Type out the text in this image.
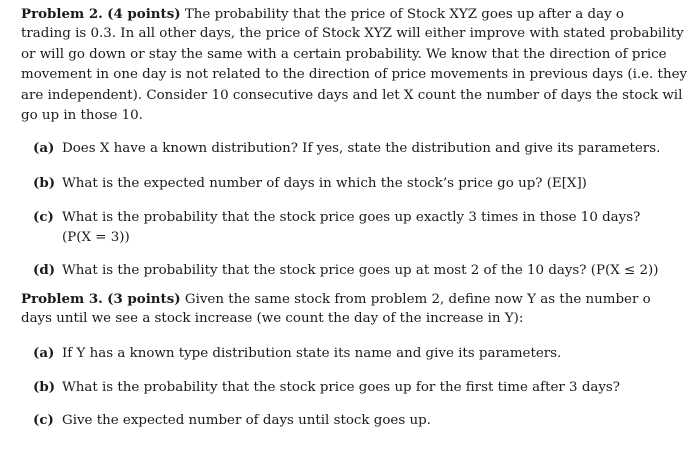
Problem 2. (4 points) The probability that the price of Stock XYZ goes up after a day o
trading is 0.3. In all other days, the price of Stock XYZ will either improve with stated probability
or will go down or stay the same with a certain probability. We know that the direction of price
movement in one day is not related to the direction of price movements in previous days (i.e. they
are independent). Consider 10 consecutive days and let X count the number of days the stock wil
go up in those 10.
(a) Does X have a known distribution? If yes, state the distribution and give its parameters.
(b) What is the expected number of days in which the stock’s price go up? (E[X])
(c) What is the probability that the stock price goes up exactly 3 times in those 10 days?
(P(X = 3))
(d) What is the probability that the stock price goes up at most 2 of the 10 days? (P(X ≤ 2))
Problem 3. (3 points) Given the same stock from problem 2, define now Y as the number o
days until we see a stock increase (we count the day of the increase in Y):
(a) If Y has a known type distribution state its name and give its parameters.
(b) What is the probability that the stock price goes up for the first time after 3 days?
(c) Give the expected number of days until stock goes up.
